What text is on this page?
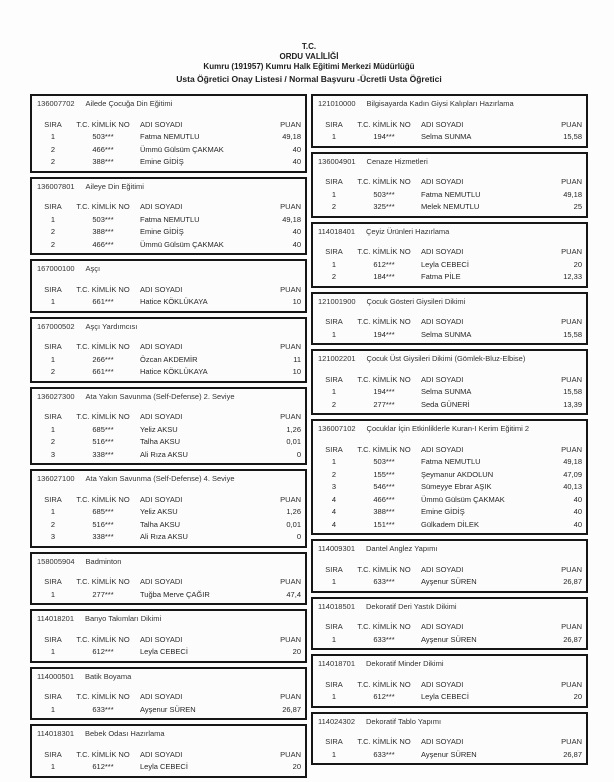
T.C.
ORDU VALİLİĞİ
Kumru (191957) Kumru Halk Eğitimi Merkezi Müdürlüğü
Usta Öğretici Onay Listesi / Normal Başvuru -Ücretli Usta Öğretici
136007702 Ailede Çocuğa Din Eğitimi
SIRA	T.C. KİMLİK NO	ADI SOYADI	PUAN
1	503***	Fatma NEMUTLU	49,18
2	466***	Ümmü Gülsüm ÇAKMAK	40
2	388***	Emine GİDİŞ	40
136007801 Aileye Din Eğitimi
SIRA	T.C. KİMLİK NO	ADI SOYADI	PUAN
1	503***	Fatma NEMUTLU	49,18
2	388***	Emine GİDİŞ	40
2	466***	Ümmü Gülsüm ÇAKMAK	40
167000100 Aşçı
SIRA	T.C. KİMLİK NO	ADI SOYADI	PUAN
1	661***	Hatice KÖKLÜKAYA	10
167000502 Aşçı Yardımcısı
SIRA	T.C. KİMLİK NO	ADI SOYADI	PUAN
1	266***	Özcan AKDEMİR	11
2	661***	Hatice KÖKLÜKAYA	10
136027300 Ata Yakın Savunma (Self-Defense) 2. Seviye
SIRA	T.C. KİMLİK NO	ADI SOYADI	PUAN
1	685***	Yeliz AKSU	1,26
2	516***	Talha AKSU	0,01
3	338***	Ali Rıza AKSU	0
136027100 Ata Yakın Savunma (Self-Defense) 4. Seviye
SIRA	T.C. KİMLİK NO	ADI SOYADI	PUAN
1	685***	Yeliz AKSU	1,26
2	516***	Talha AKSU	0,01
3	338***	Ali Rıza AKSU	0
158005904 Badminton
SIRA	T.C. KİMLİK NO	ADI SOYADI	PUAN
1	277***	Tuğba Merve ÇAĞIR	47,4
114018201 Banyo Takımları Dikimi
SIRA	T.C. KİMLİK NO	ADI SOYADI	PUAN
1	612***	Leyla CEBECİ	20
114000501 Batik Boyama
SIRA	T.C. KİMLİK NO	ADI SOYADI	PUAN
1	633***	Ayşenur SÜREN	26,87
114018301 Bebek Odası Hazırlama
SIRA	T.C. KİMLİK NO	ADI SOYADI	PUAN
1	612***	Leyla CEBECİ	20
121010000 Bilgisayarda Kadın Giysi Kalıpları Hazırlama
SIRA	T.C. KİMLİK NO	ADI SOYADI	PUAN
1	194***	Selma SUNMA	15,58
136004901 Cenaze Hizmetleri
SIRA	T.C. KİMLİK NO	ADI SOYADI	PUAN
1	503***	Fatma NEMUTLU	49,18
2	325***	Melek NEMUTLU	25
114018401 Çeyiz Ürünleri Hazırlama
SIRA	T.C. KİMLİK NO	ADI SOYADI	PUAN
1	612***	Leyla CEBECİ	20
2	184***	Fatma PİLE	12,33
121001900 Çocuk Gösteri Giysileri Dikimi
SIRA	T.C. KİMLİK NO	ADI SOYADI	PUAN
1	194***	Selma SUNMA	15,58
121002201 Çocuk Üst Giysileri Dikimi (Gömlek-Bluz-Elbise)
SIRA	T.C. KİMLİK NO	ADI SOYADI	PUAN
1	194***	Selma SUNMA	15,58
2	277***	Seda GÜNERİ	13,39
136007102 Çocuklar İçin Etkinliklerle Kuran-I Kerim Eğitimi 2
SIRA	T.C. KİMLİK NO	ADI SOYADI	PUAN
1	503***	Fatma NEMUTLU	49,18
2	155***	Şeymanur AKDOLUN	47,09
3	546***	Sümeyye Ebrar AŞIK	40,13
4	466***	Ümmü Gülsüm ÇAKMAK	40
4	388***	Emine GİDİŞ	40
4	151***	Gülkadem DİLEK	40
114009301 Dantel Anglez Yapımı
SIRA	T.C. KİMLİK NO	ADI SOYADI	PUAN
1	633***	Ayşenur SÜREN	26,87
114018501 Dekoratif Deri Yastık Dikimi
SIRA	T.C. KİMLİK NO	ADI SOYADI	PUAN
1	633***	Ayşenur SÜREN	26,87
114018701 Dekoratif Minder Dikimi
SIRA	T.C. KİMLİK NO	ADI SOYADI	PUAN
1	612***	Leyla CEBECİ	20
114024302 Dekoratif Tablo Yapımı
SIRA	T.C. KİMLİK NO	ADI SOYADI	PUAN
1	633***	Ayşenur SÜREN	26,87
